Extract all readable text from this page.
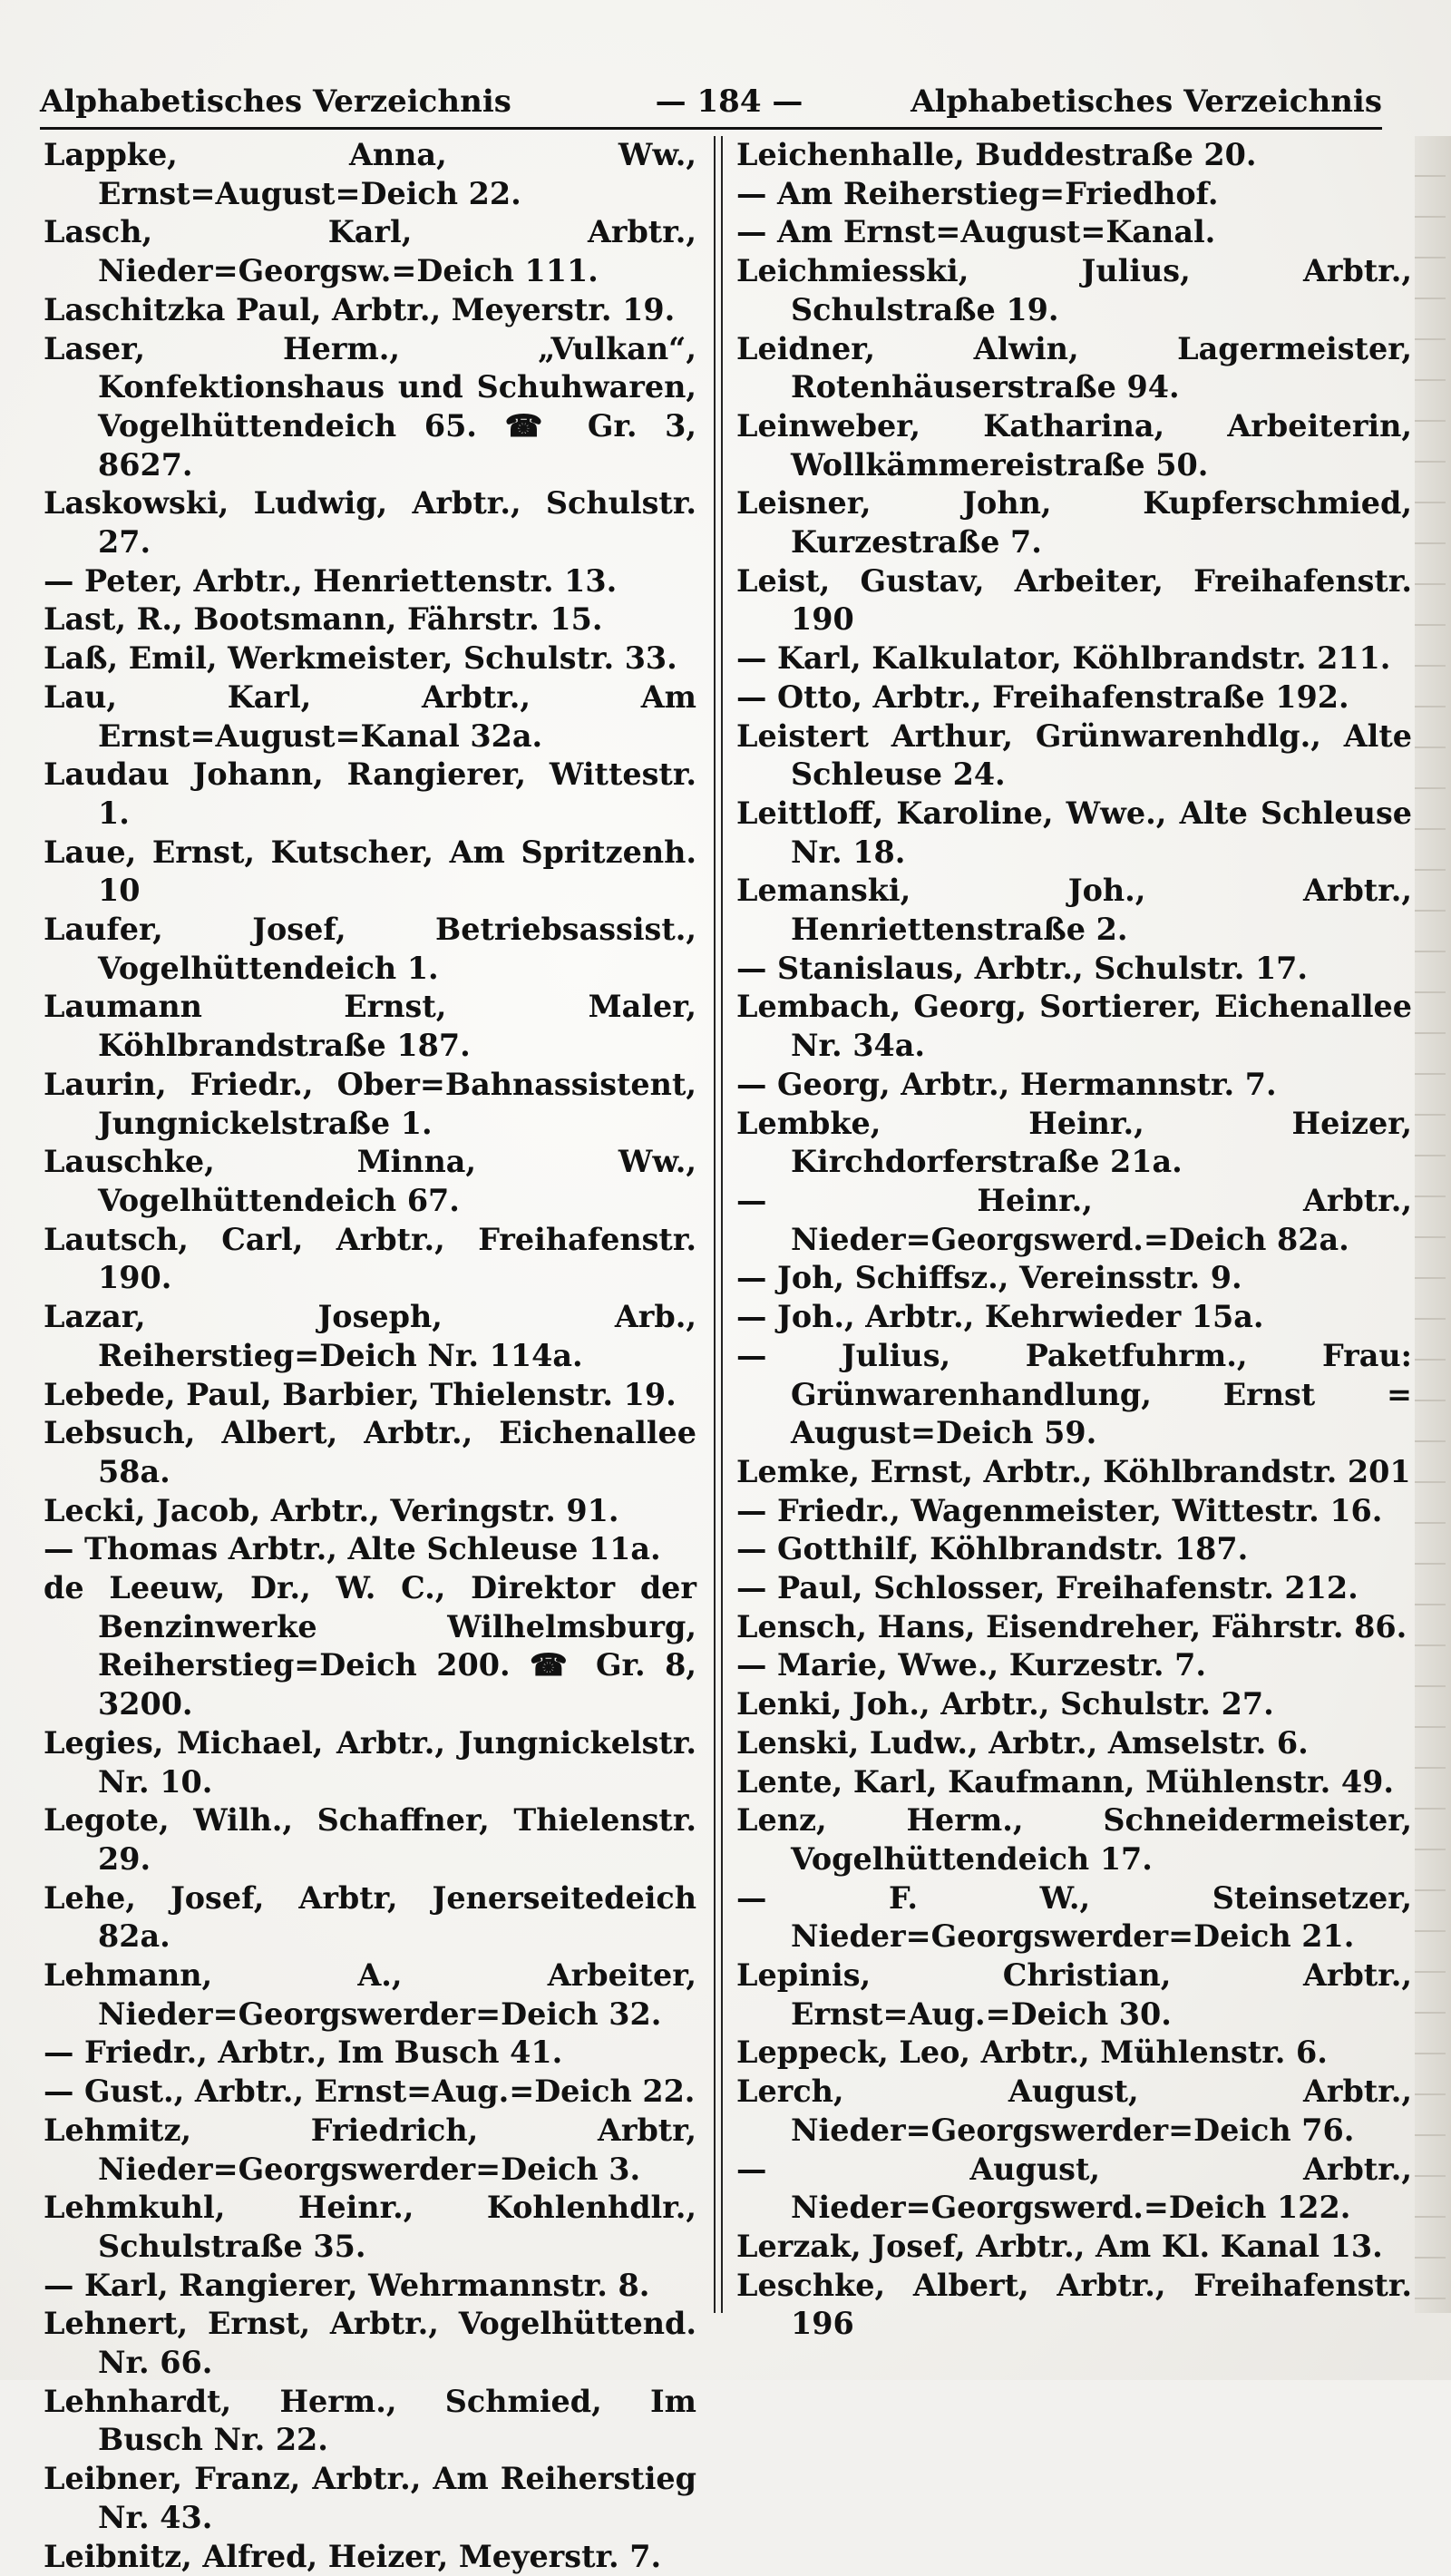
Alphabetisches Verzeichnis	— 184 —	Alphabetisches Verzeichnis
Lappke, Anna, Ww., Ernst=August=Deich 22.
Lasch, Karl, Arbtr., Nieder=Georgsw.=Deich 111.
Laschitzka Paul, Arbtr., Meyerstr. 19.
Laser, Herm., „Vulkan“, Konfektionshaus und Schuhwaren, Vogelhüttendeich 65. ☎ Gr. 3, 8627.
Laskowski, Ludwig, Arbtr., Schulstr. 27.
— Peter, Arbtr., Henriettenstr. 13.
Last, R., Bootsmann, Fährstr. 15.
Laß, Emil, Werkmeister, Schulstr. 33.
Lau, Karl, Arbtr., Am Ernst=August=Kanal 32a.
Laudau Johann, Rangierer, Wittestr. 1.
Laue, Ernst, Kutscher, Am Spritzenh. 10
Laufer, Josef, Betriebsassist., Vogelhüttendeich 1.
Laumann Ernst, Maler, Köhlbrandstraße 187.
Laurin, Friedr., Ober=Bahnassistent, Jungnickelstraße 1.
Lauschke, Minna, Ww., Vogelhüttendeich 67.
Lautsch, Carl, Arbtr., Freihafenstr. 190.
Lazar, Joseph, Arb., Reiherstieg=Deich Nr. 114a.
Lebede, Paul, Barbier, Thielenstr. 19.
Lebsuch, Albert, Arbtr., Eichenallee 58a.
Lecki, Jacob, Arbtr., Veringstr. 91.
— Thomas Arbtr., Alte Schleuse 11a.
de Leeuw, Dr., W. C., Direktor der Benzinwerke Wilhelmsburg, Reiherstieg=Deich 200. ☎ Gr. 8, 3200.
Legies, Michael, Arbtr., Jungnickelstr. Nr. 10.
Legote, Wilh., Schaffner, Thielenstr. 29.
Lehe, Josef, Arbtr, Jenerseitedeich 82a.
Lehmann, A., Arbeiter, Nieder=Georgswerder=Deich 32.
— Friedr., Arbtr., Im Busch 41.
— Gust., Arbtr., Ernst=Aug.=Deich 22.
Lehmitz, Friedrich, Arbtr, Nieder=Georgswerder=Deich 3.
Lehmkuhl, Heinr., Kohlenhdlr., Schulstraße 35.
— Karl, Rangierer, Wehrmannstr. 8.
Lehnert, Ernst, Arbtr., Vogelhüttend. Nr. 66.
Lehnhardt, Herm., Schmied, Im Busch Nr. 22.
Leibner, Franz, Arbtr., Am Reiherstieg Nr. 43.
Leibnitz, Alfred, Heizer, Meyerstr. 7.
Leichenhalle, Buddestraße 20.
— Am Reiherstieg=Friedhof.
— Am Ernst=August=Kanal.
Leichmiesski, Julius, Arbtr., Schulstraße 19.
Leidner, Alwin, Lagermeister, Rotenhäuserstraße 94.
Leinweber, Katharina, Arbeiterin, Wollkämmereistraße 50.
Leisner, John, Kupferschmied, Kurzestraße 7.
Leist, Gustav, Arbeiter, Freihafenstr. 190
— Karl, Kalkulator, Köhlbrandstr. 211.
— Otto, Arbtr., Freihafenstraße 192.
Leistert Arthur, Grünwarenhdlg., Alte Schleuse 24.
Leittloff, Karoline, Wwe., Alte Schleuse Nr. 18.
Lemanski, Joh., Arbtr., Henriettenstraße 2.
— Stanislaus, Arbtr., Schulstr. 17.
Lembach, Georg, Sortierer, Eichenallee Nr. 34a.
— Georg, Arbtr., Hermannstr. 7.
Lembke, Heinr., Heizer, Kirchdorferstraße 21a.
— Heinr., Arbtr., Nieder=Georgswerd.=Deich 82a.
— Joh, Schiffsz., Vereinsstr. 9.
— Joh., Arbtr., Kehrwieder 15a.
— Julius, Paketfuhrm., Frau: Grünwarenhandlung, Ernst = August=Deich 59.
Lemke, Ernst, Arbtr., Köhlbrandstr. 201
— Friedr., Wagenmeister, Wittestr. 16.
— Gotthilf, Köhlbrandstr. 187.
— Paul, Schlosser, Freihafenstr. 212.
Lensch, Hans, Eisendreher, Fährstr. 86.
— Marie, Wwe., Kurzestr. 7.
Lenki, Joh., Arbtr., Schulstr. 27.
Lenski, Ludw., Arbtr., Amselstr. 6.
Lente, Karl, Kaufmann, Mühlenstr. 49.
Lenz, Herm., Schneidermeister, Vogelhüttendeich 17.
— F. W., Steinsetzer, Nieder=Georgswerder=Deich 21.
Lepinis, Christian, Arbtr., Ernst=Aug.=Deich 30.
Leppeck, Leo, Arbtr., Mühlenstr. 6.
Lerch, August, Arbtr., Nieder=Georgswerder=Deich 76.
— August, Arbtr., Nieder=Georgswerd.=Deich 122.
Lerzak, Josef, Arbtr., Am Kl. Kanal 13.
Leschke, Albert, Arbtr., Freihafenstr. 196
